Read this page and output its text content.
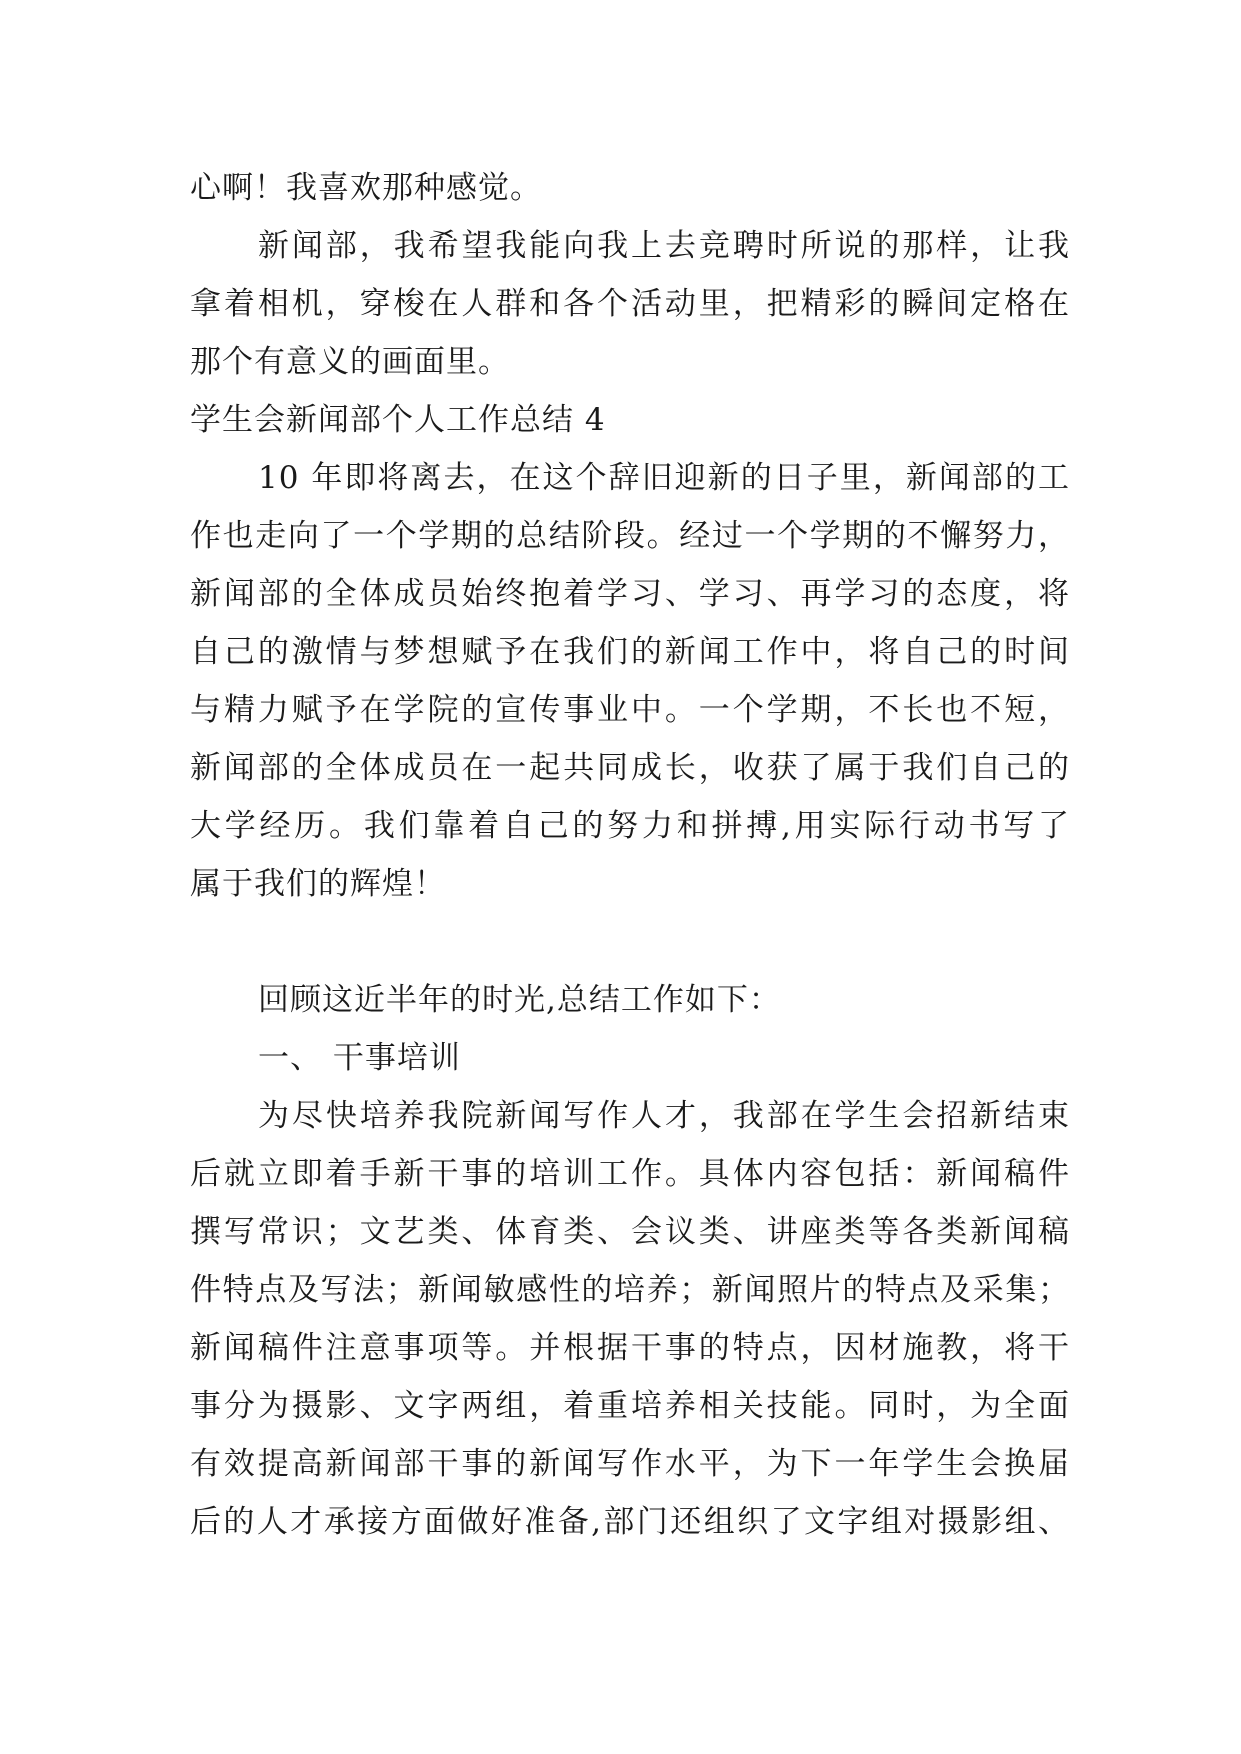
心啊！我喜欢那种感觉。
新闻部，我希望我能向我上去竞聘时所说的那样，让我
拿着相机，穿梭在人群和各个活动里，把精彩的瞬间定格在
那个有意义的画面里。
学生会新闻部个人工作总结 4
10 年即将离去，在这个辞旧迎新的日子里，新闻部的工
作也走向了一个学期的总结阶段。经过一个学期的不懈努力，
新闻部的全体成员始终抱着学习、学习、再学习的态度，将
自己的激情与梦想赋予在我们的新闻工作中，将自己的时间
与精力赋予在学院的宣传事业中。一个学期，不长也不短，
新闻部的全体成员在一起共同成长，收获了属于我们自己的
大学经历。我们靠着自己的努力和拼搏,用实际行动书写了
属于我们的辉煌！
回顾这近半年的时光,总结工作如下：
一、 干事培训
为尽快培养我院新闻写作人才，我部在学生会招新结束
后就立即着手新干事的培训工作。具体内容包括：新闻稿件
撰写常识；文艺类、体育类、会议类、讲座类等各类新闻稿
件特点及写法；新闻敏感性的培养；新闻照片的特点及采集；
新闻稿件注意事项等。并根据干事的特点，因材施教，将干
事分为摄影、文字两组，着重培养相关技能。同时，为全面
有效提高新闻部干事的新闻写作水平，为下一年学生会换届
后的人才承接方面做好准备,部门还组织了文字组对摄影组、
